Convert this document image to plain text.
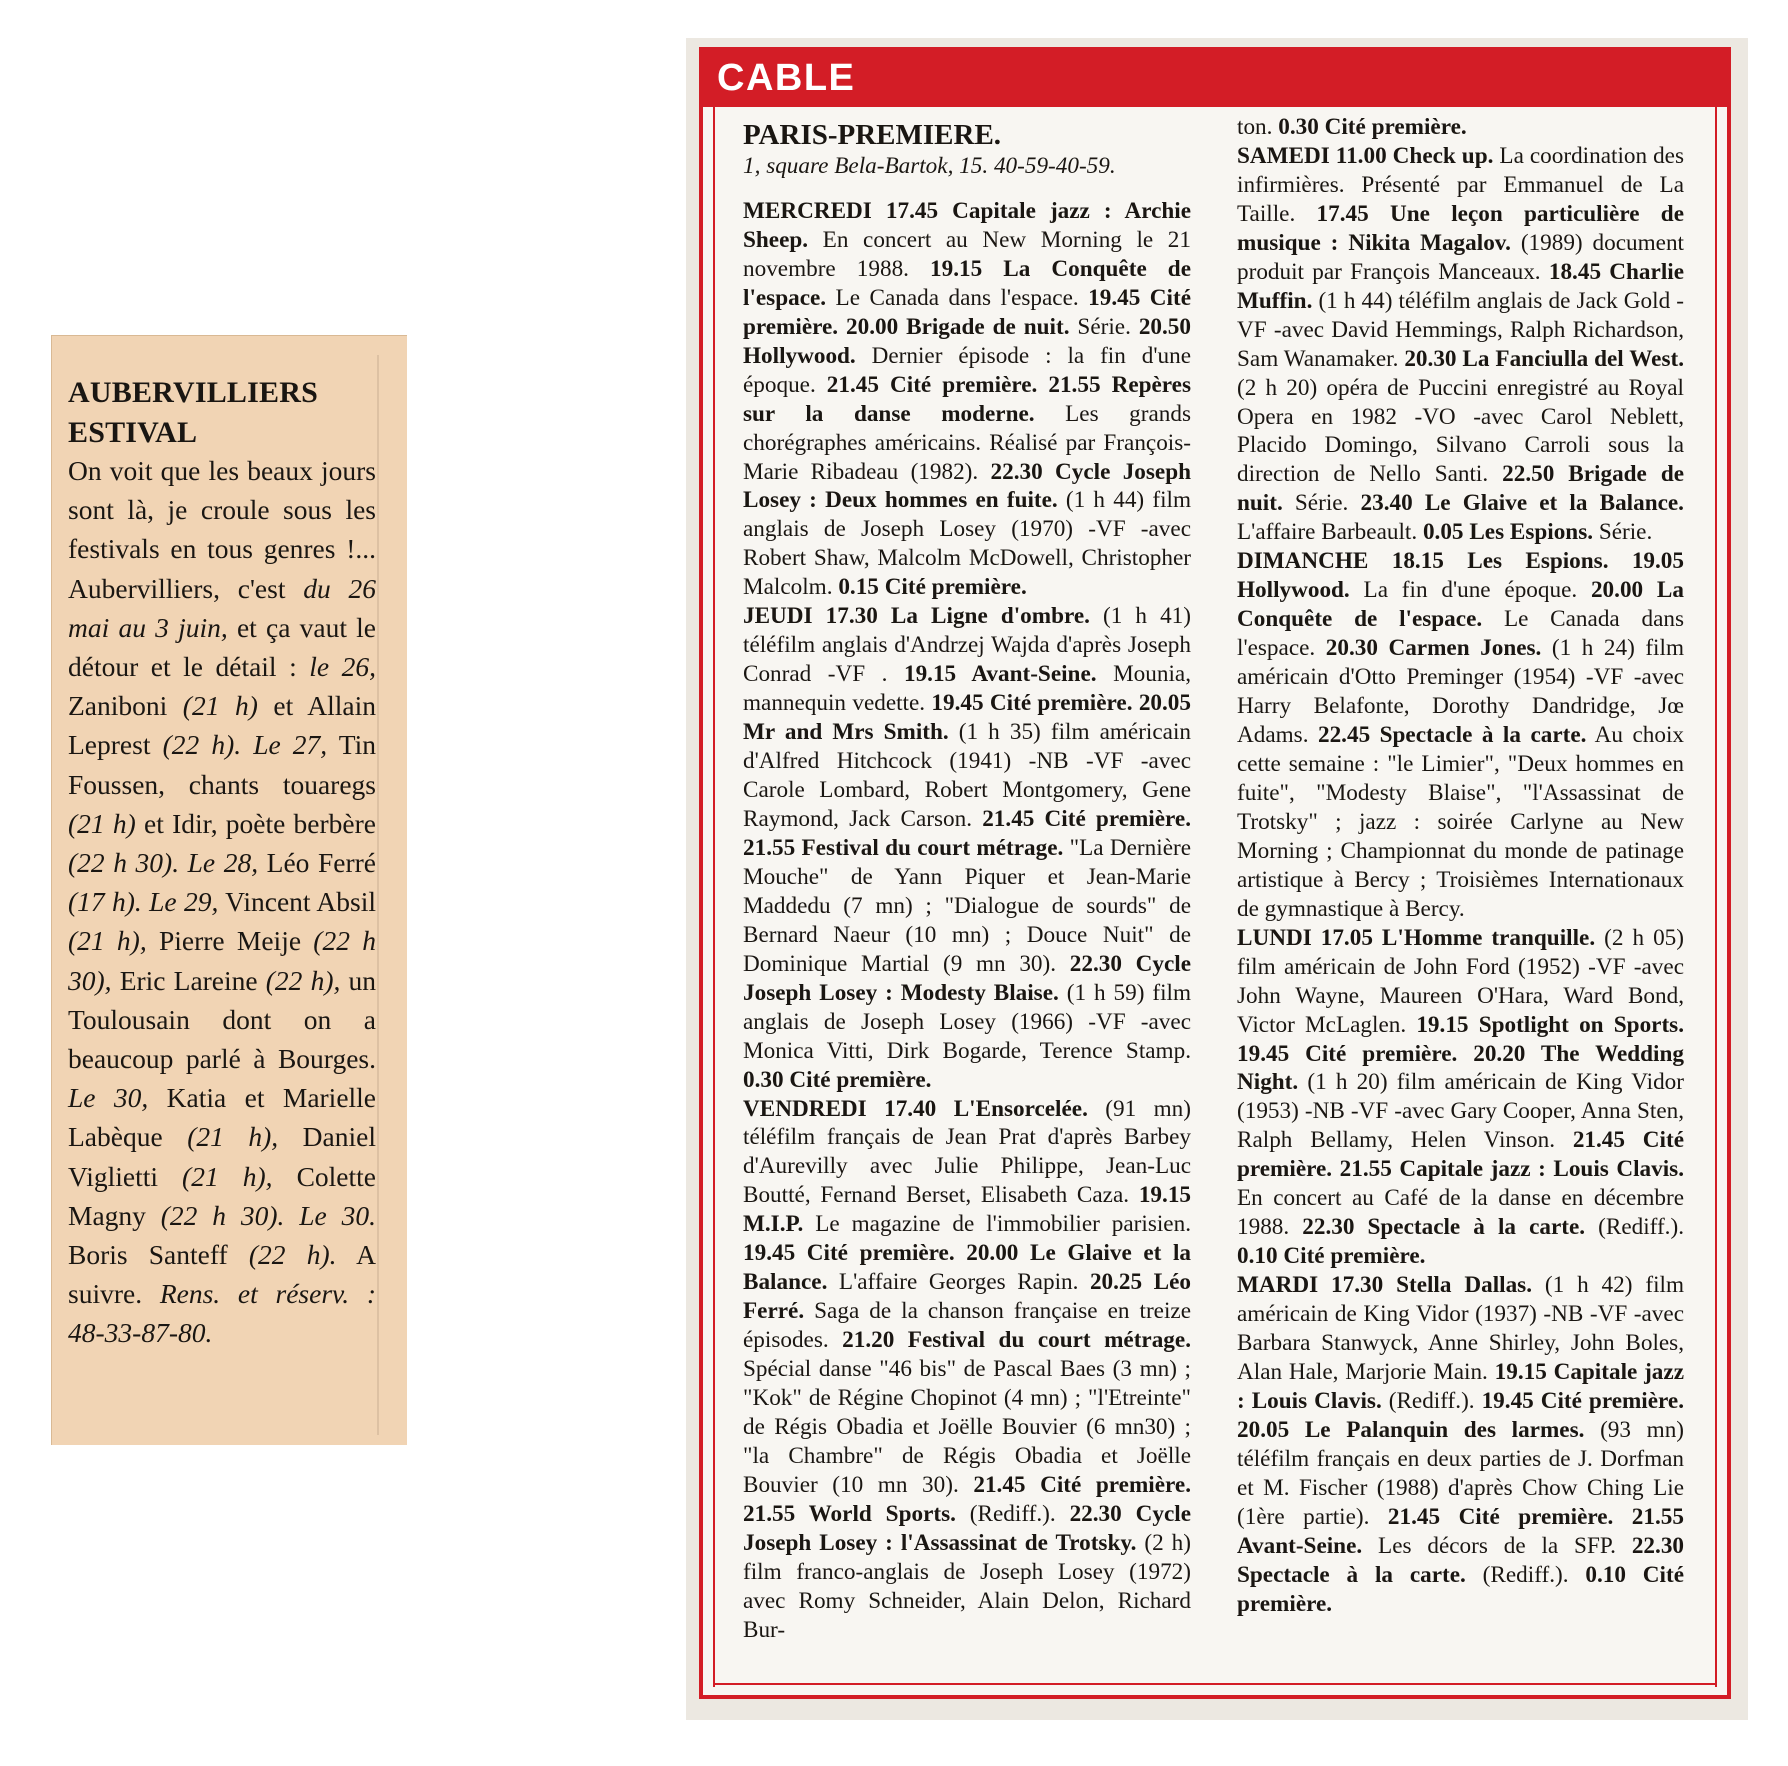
AUBERVILLIERS
ESTIVAL
On voit que les beaux jours sont là, je croule sous les festivals en tous genres !... Aubervilliers, c'est du 26 mai au 3 juin, et ça vaut le détour et le détail : le 26, Zaniboni (21 h) et Allain Leprest (22 h). Le 27, Tin Foussen, chants touaregs (21 h) et Idir, poète berbère (22 h 30). Le 28, Léo Ferré (17 h). Le 29, Vincent Absil (21 h), Pierre Meije (22 h 30), Eric Lareine (22 h), un Toulousain dont on a beaucoup parlé à Bourges. Le 30, Katia et Marielle Labèque (21 h), Daniel Viglietti (21 h), Colette Magny (22 h 30). Le 30. Boris Santeff (22 h). A suivre. Rens. et réserv. : 48-33-87-80.
CABLE
PARIS-PREMIERE.
1, square Bela-Bartok, 15. 40-59-40-59.

MERCREDI 17.45 Capitale jazz : Archie Sheep. En concert au New Morning le 21 novembre 1988. 19.15 La Conquête de l'espace. Le Canada dans l'espace. 19.45 Cité première. 20.00 Brigade de nuit. Série. 20.50 Hollywood. Dernier épisode : la fin d'une époque. 21.45 Cité première. 21.55 Repères sur la danse moderne. Les grands chorégraphes américains. Réalisé par François-Marie Ribadeau (1982). 22.30 Cycle Joseph Losey : Deux hommes en fuite. (1 h 44) film anglais de Joseph Losey (1970) -VF -avec Robert Shaw, Malcolm McDowell, Christopher Malcolm. 0.15 Cité première.

JEUDI 17.30 La Ligne d'ombre. (1 h 41) téléfilm anglais d'Andrzej Wajda d'après Joseph Conrad -VF . 19.15 Avant-Seine. Mounia, mannequin vedette. 19.45 Cité première. 20.05 Mr and Mrs Smith. (1 h 35) film américain d'Alfred Hitchcock (1941) -NB -VF -avec Carole Lombard, Robert Montgomery, Gene Raymond, Jack Carson. 21.45 Cité première. 21.55 Festival du court métrage. "La Dernière Mouche" de Yann Piquer et Jean-Marie Maddedu (7 mn) ; "Dialogue de sourds" de Bernard Naeur (10 mn) ; Douce Nuit" de Dominique Martial (9 mn 30). 22.30 Cycle Joseph Losey : Modesty Blaise. (1 h 59) film anglais de Joseph Losey (1966) -VF -avec Monica Vitti, Dirk Bogarde, Terence Stamp. 0.30 Cité première.

VENDREDI 17.40 L'Ensorcelée. (91 mn) téléfilm français de Jean Prat d'après Barbey d'Aurevilly avec Julie Philippe, Jean-Luc Boutté, Fernand Berset, Elisabeth Caza. 19.15 M.I.P. Le magazine de l'immobilier parisien. 19.45 Cité première. 20.00 Le Glaive et la Balance. L'affaire Georges Rapin. 20.25 Léo Ferré. Saga de la chanson française en treize épisodes. 21.20 Festival du court métrage. Spécial danse "46 bis" de Pascal Baes (3 mn) ; "Kok" de Régine Chopinot (4 mn) ; "l'Etreinte" de Régis Obadia et Joëlle Bouvier (6 mn30) ; "la Chambre" de Régis Obadia et Joëlle Bouvier (10 mn 30). 21.45 Cité première. 21.55 World Sports. (Rediff.). 22.30 Cycle Joseph Losey : l'Assassinat de Trotsky. (2 h) film franco-anglais de Joseph Losey (1972) avec Romy Schneider, Alain Delon, Richard Bur-

ton. 0.30 Cité première.

SAMEDI 11.00 Check up. La coordination des infirmières. Présenté par Emmanuel de La Taille. 17.45 Une leçon particulière de musique : Nikita Magalov. (1989) document produit par François Manceaux. 18.45 Charlie Muffin. (1 h 44) téléfilm anglais de Jack Gold -VF -avec David Hemmings, Ralph Richardson, Sam Wanamaker. 20.30 La Fanciulla del West. (2 h 20) opéra de Puccini enregistré au Royal Opera en 1982 -VO -avec Carol Neblett, Placido Domingo, Silvano Carroli sous la direction de Nello Santi. 22.50 Brigade de nuit. Série. 23.40 Le Glaive et la Balance. L'affaire Barbeault. 0.05 Les Espions. Série.

DIMANCHE 18.15 Les Espions. 19.05 Hollywood. La fin d'une époque. 20.00 La Conquête de l'espace. Le Canada dans l'espace. 20.30 Carmen Jones. (1 h 24) film américain d'Otto Preminger (1954) -VF -avec Harry Belafonte, Dorothy Dandridge, Jœ Adams. 22.45 Spectacle à la carte. Au choix cette semaine : "le Limier", "Deux hommes en fuite", "Modesty Blaise", "l'Assassinat de Trotsky" ; jazz : soirée Carlyne au New Morning ; Championnat du monde de patinage artistique à Bercy ; Troisièmes Internationaux de gymnastique à Bercy.

LUNDI 17.05 L'Homme tranquille. (2 h 05) film américain de John Ford (1952) -VF -avec John Wayne, Maureen O'Hara, Ward Bond, Victor McLaglen. 19.15 Spotlight on Sports. 19.45 Cité première. 20.20 The Wedding Night. (1 h 20) film américain de King Vidor (1953) -NB -VF -avec Gary Cooper, Anna Sten, Ralph Bellamy, Helen Vinson. 21.45 Cité première. 21.55 Capitale jazz : Louis Clavis. En concert au Café de la danse en décembre 1988. 22.30 Spectacle à la carte. (Rediff.). 0.10 Cité première.

MARDI 17.30 Stella Dallas. (1 h 42) film américain de King Vidor (1937) -NB -VF -avec Barbara Stanwyck, Anne Shirley, John Boles, Alan Hale, Marjorie Main. 19.15 Capitale jazz : Louis Clavis. (Rediff.). 19.45 Cité première. 20.05 Le Palanquin des larmes. (93 mn) téléfilm français en deux parties de J. Dorfman et M. Fischer (1988) d'après Chow Ching Lie (1ère partie). 21.45 Cité première. 21.55 Avant-Seine. Les décors de la SFP. 22.30 Spectacle à la carte. (Rediff.). 0.10 Cité première.
